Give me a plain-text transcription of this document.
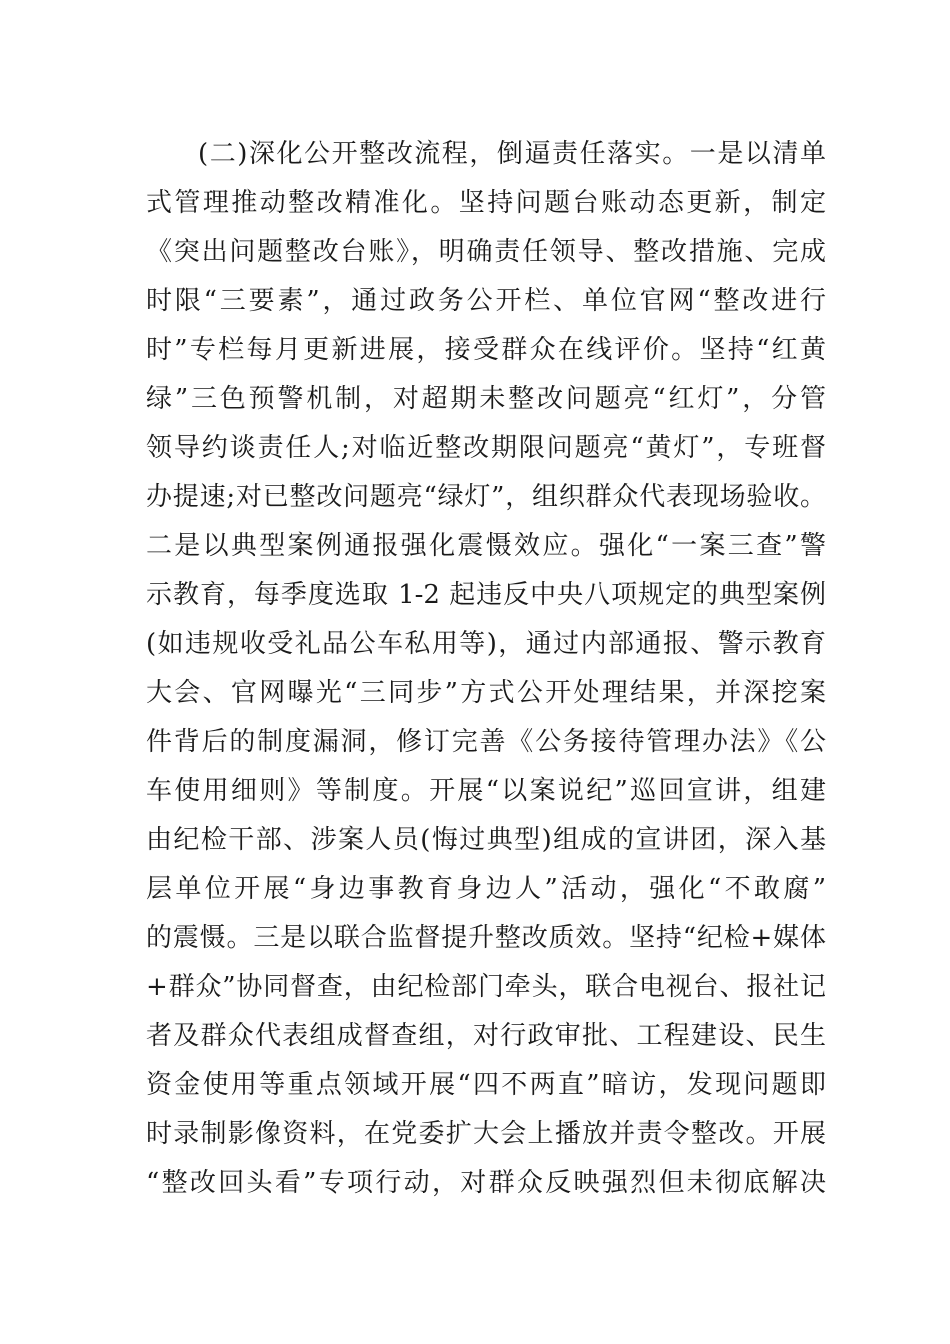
(二)深化公开整改流程，倒逼责任落实。一是以清单
式管理推动整改精准化。坚持问题台账动态更新，制定
《突出问题整改台账》，明确责任领导、整改措施、完成
时限“三要素”，通过政务公开栏、单位官网“整改进行
时”专栏每月更新进展，接受群众在线评价。坚持“红黄
绿”三色预警机制，对超期未整改问题亮“红灯”，分管
领导约谈责任人;对临近整改期限问题亮“黄灯”，专班督
办提速;对已整改问题亮“绿灯”，组织群众代表现场验收。
二是以典型案例通报强化震慑效应。强化“一案三查”警
示教育，每季度选取 1-2 起违反中央八项规定的典型案例
(如违规收受礼品公车私用等)，通过内部通报、警示教育
大会、官网曝光“三同步”方式公开处理结果，并深挖案
件背后的制度漏洞，修订完善《公务接待管理办法》《公
车使用细则》等制度。开展“以案说纪”巡回宣讲，组建
由纪检干部、涉案人员(悔过典型)组成的宣讲团，深入基
层单位开展“身边事教育身边人”活动，强化“不敢腐”
的震慑。三是以联合监督提升整改质效。坚持“纪检+媒体
+群众”协同督查，由纪检部门牵头，联合电视台、报社记
者及群众代表组成督查组，对行政审批、工程建设、民生
资金使用等重点领域开展“四不两直”暗访，发现问题即
时录制影像资料，在党委扩大会上播放并责令整改。开展
“整改回头看”专项行动，对群众反映强烈但未彻底解决
